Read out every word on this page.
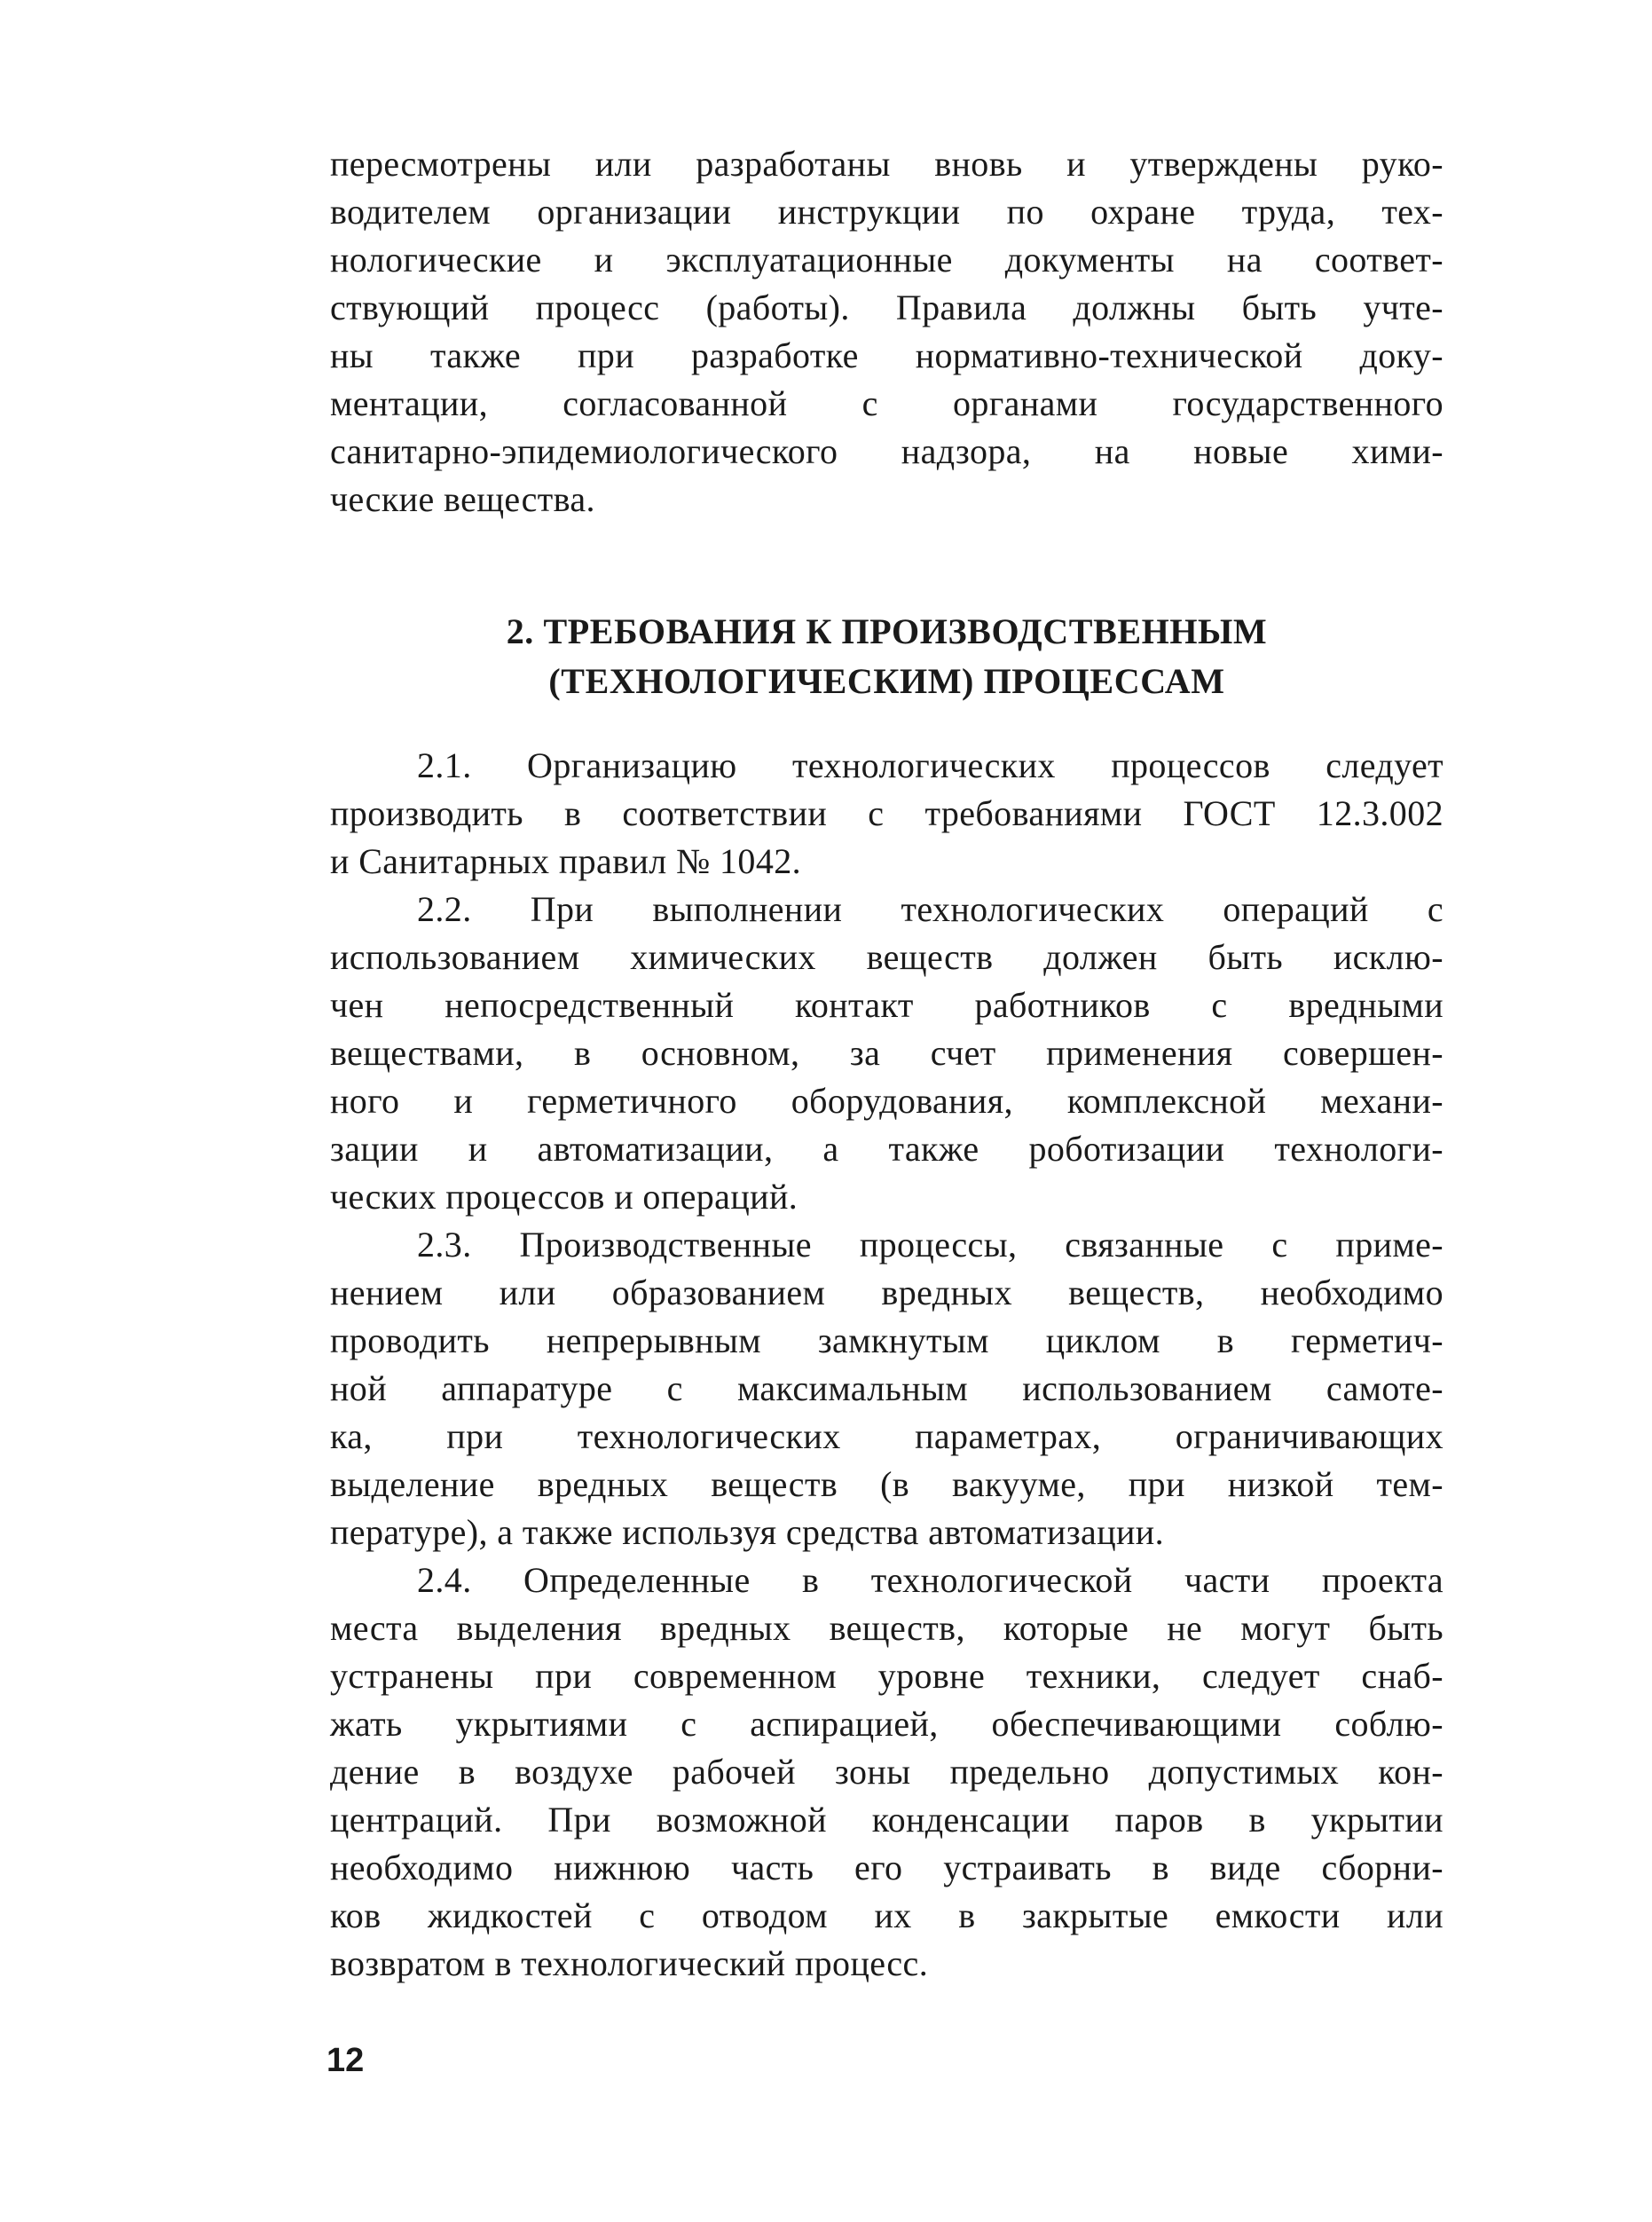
пересмотрены или разработаны вновь и утверждены руко-
водителем организации инструкции по охране труда, тех-
нологические и эксплуатационные документы на соответ-
ствующий процесс (работы). Правила должны быть учте-
ны также при разработке нормативно-технической доку-
ментации, согласованной с органами государственного
санитарно-эпидемиологического надзора, на новые хими-
ческие вещества.
2. ТРЕБОВАНИЯ К ПРОИЗВОДСТВЕННЫМ
(ТЕХНОЛОГИЧЕСКИМ) ПРОЦЕССАМ
2.1. Организацию технологических процессов следует
производить в соответствии с требованиями ГОСТ 12.3.002
и Санитарных правил № 1042.
2.2. При выполнении технологических операций с
использованием химических веществ должен быть исклю-
чен непосредственный контакт работников с вредными
веществами, в основном, за счет применения совершен-
ного и герметичного оборудования, комплексной механи-
зации и автоматизации, а также роботизации технологи-
ческих процессов и операций.
2.3. Производственные процессы, связанные с приме-
нением или образованием вредных веществ, необходимо
проводить непрерывным замкнутым циклом в герметич-
ной аппаратуре с максимальным использованием самоте-
ка, при технологических параметрах, ограничивающих
выделение вредных веществ (в вакууме, при низкой тем-
пературе), а также используя средства автоматизации.
2.4. Определенные в технологической части проекта
места выделения вредных веществ, которые не могут быть
устранены при современном уровне техники, следует снаб-
жать укрытиями с аспирацией, обеспечивающими соблю-
дение в воздухе рабочей зоны предельно допустимых кон-
центраций. При возможной конденсации паров в укрытии
необходимо нижнюю часть его устраивать в виде сборни-
ков жидкостей с отводом их в закрытые емкости или
возвратом в технологический процесс.
12
